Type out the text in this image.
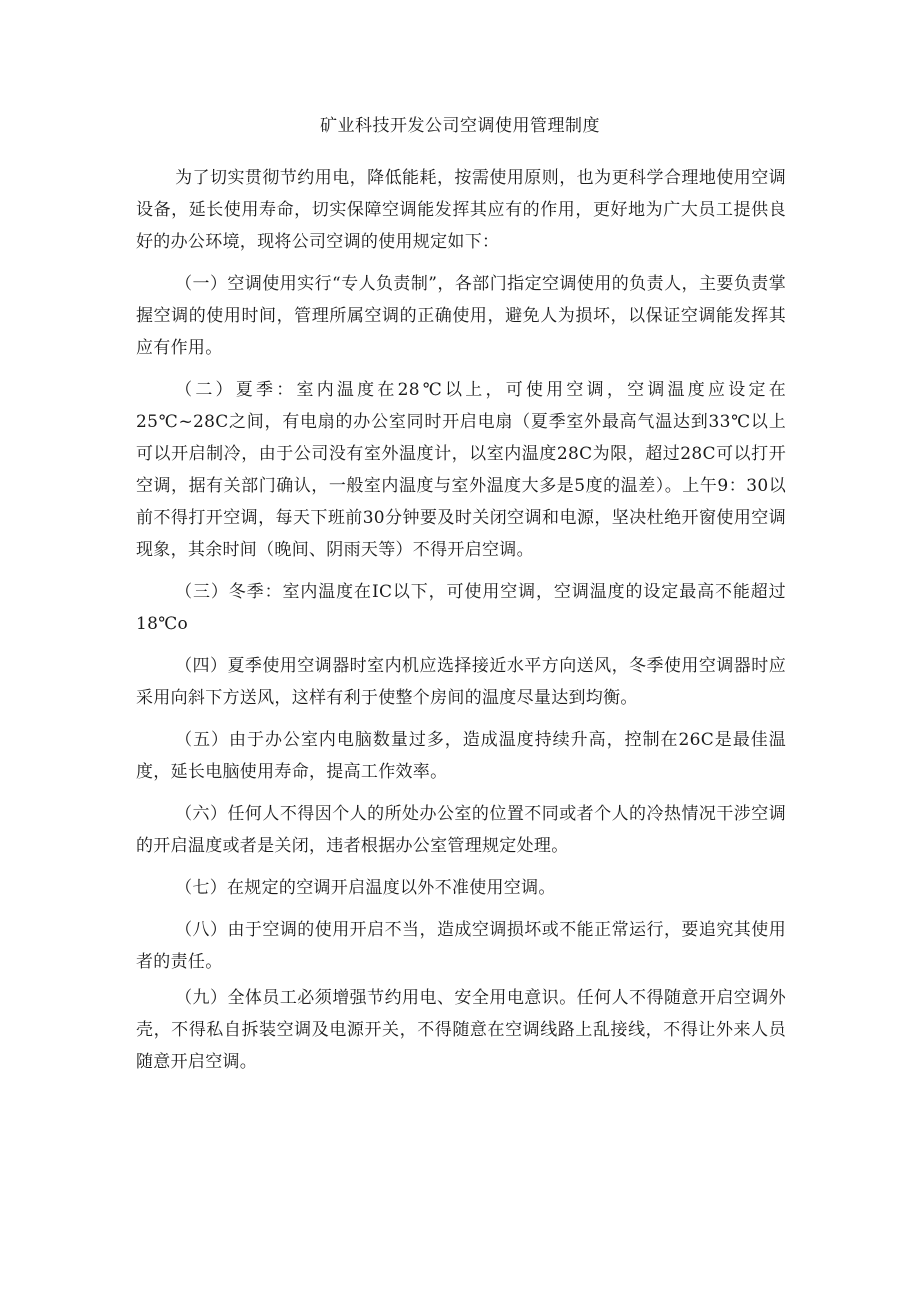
矿业科技开发公司空调使用管理制度

为了切实贯彻节约用电，降低能耗，按需使用原则，也为更科学合理地使用空调设备，延长使用寿命，切实保障空调能发挥其应有的作用，更好地为广大员工提供良好的办公环境，现将公司空调的使用规定如下：

（一）空调使用实行“专人负责制”，各部门指定空调使用的负责人，主要负责掌握空调的使用时间，管理所属空调的正确使用，避免人为损坏，以保证空调能发挥其应有作用。

（二）夏季：室内温度在28℃以上，可使用空调，空调温度应设定在25℃~28C之间，有电扇的办公室同时开启电扇（夏季室外最高气温达到33℃以上可以开启制冷，由于公司没有室外温度计，以室内温度28C为限，超过28C可以打开空调，据有关部门确认，一般室内温度与室外温度大多是5度的温差）。上午9：30以前不得打开空调，每天下班前30分钟要及时关闭空调和电源，坚决杜绝开窗使用空调现象，其余时间（晚间、阴雨天等）不得开启空调。

（三）冬季：室内温度在IC以下，可使用空调，空调温度的设定最高不能超过18℃o

（四）夏季使用空调器时室内机应选择接近水平方向送风，冬季使用空调器时应采用向斜下方送风，这样有利于使整个房间的温度尽量达到均衡。

（五）由于办公室内电脑数量过多，造成温度持续升高，控制在26C是最佳温度，延长电脑使用寿命，提高工作效率。

（六）任何人不得因个人的所处办公室的位置不同或者个人的冷热情况干涉空调的开启温度或者是关闭，违者根据办公室管理规定处理。

（七）在规定的空调开启温度以外不准使用空调。

（八）由于空调的使用开启不当，造成空调损坏或不能正常运行，要追究其使用者的责任。

（九）全体员工必须增强节约用电、安全用电意识。任何人不得随意开启空调外壳，不得私自拆装空调及电源开关，不得随意在空调线路上乱接线，不得让外来人员随意开启空调。
